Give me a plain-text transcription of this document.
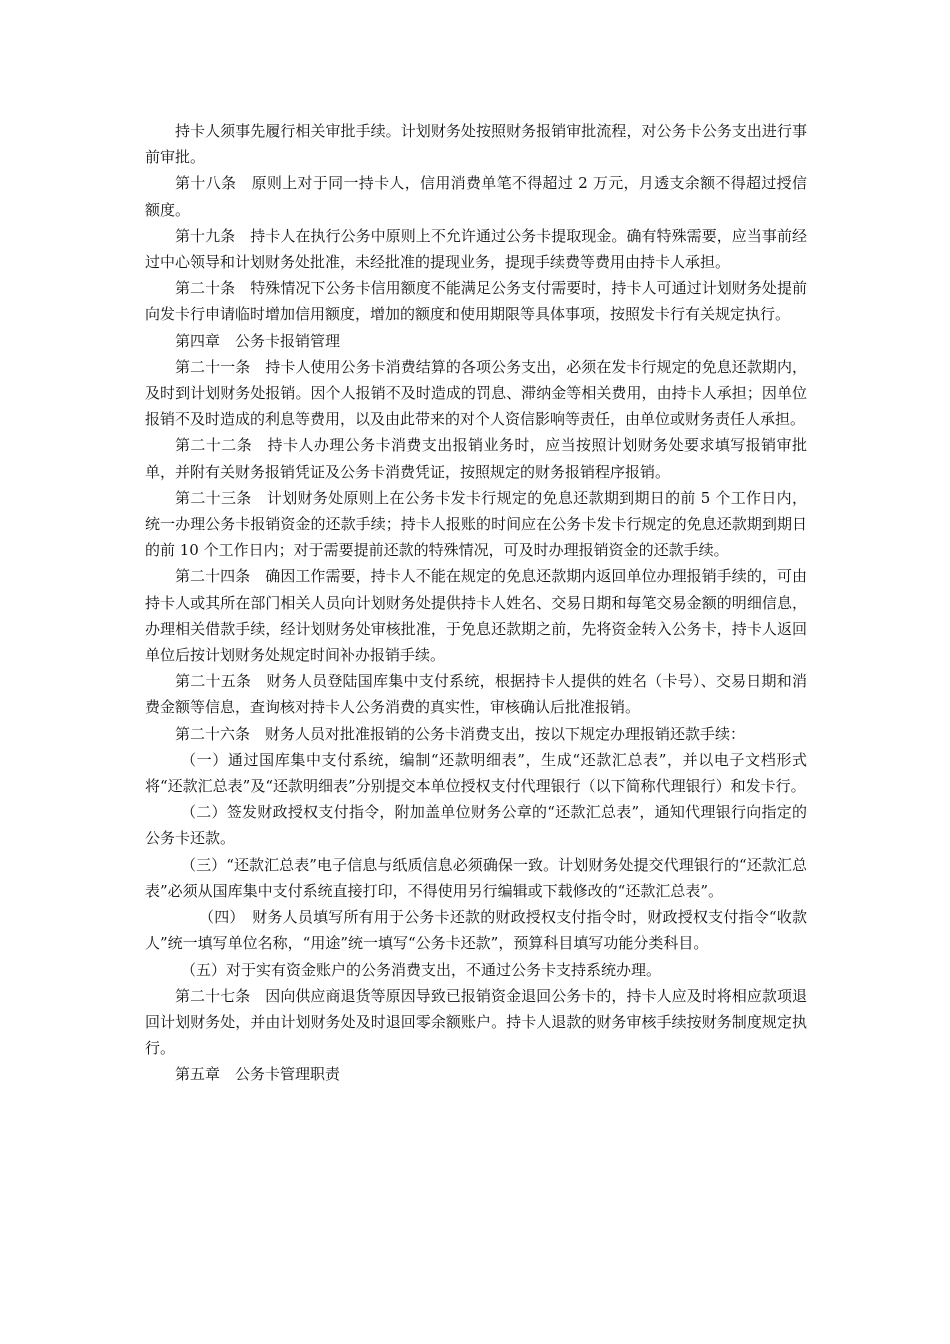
持卡人须事先履行相关审批手续。计划财务处按照财务报销审批流程，对公务卡公务支出进行事前审批。

第十八条　原则上对于同一持卡人，信用消费单笔不得超过 2 万元，月透支余额不得超过授信额度。

第十九条　持卡人在执行公务中原则上不允许通过公务卡提取现金。确有特殊需要，应当事前经过中心领导和计划财务处批准，未经批准的提现业务，提现手续费等费用由持卡人承担。

第二十条　特殊情况下公务卡信用额度不能满足公务支付需要时，持卡人可通过计划财务处提前向发卡行申请临时增加信用额度，增加的额度和使用期限等具体事项，按照发卡行有关规定执行。

第四章　公务卡报销管理

第二十一条　持卡人使用公务卡消费结算的各项公务支出，必须在发卡行规定的免息还款期内，及时到计划财务处报销。因个人报销不及时造成的罚息、滞纳金等相关费用，由持卡人承担；因单位报销不及时造成的利息等费用，以及由此带来的对个人资信影响等责任，由单位或财务责任人承担。

第二十二条　持卡人办理公务卡消费支出报销业务时，应当按照计划财务处要求填写报销审批单，并附有关财务报销凭证及公务卡消费凭证，按照规定的财务报销程序报销。

第二十三条　计划财务处原则上在公务卡发卡行规定的免息还款期到期日的前 5 个工作日内，统一办理公务卡报销资金的还款手续；持卡人报账的时间应在公务卡发卡行规定的免息还款期到期日的前 10 个工作日内；对于需要提前还款的特殊情况，可及时办理报销资金的还款手续。

第二十四条　确因工作需要，持卡人不能在规定的免息还款期内返回单位办理报销手续的，可由持卡人或其所在部门相关人员向计划财务处提供持卡人姓名、交易日期和每笔交易金额的明细信息，办理相关借款手续，经计划财务处审核批准，于免息还款期之前，先将资金转入公务卡，持卡人返回单位后按计划财务处规定时间补办报销手续。

第二十五条　财务人员登陆国库集中支付系统，根据持卡人提供的姓名（卡号）、交易日期和消费金额等信息，查询核对持卡人公务消费的真实性，审核确认后批准报销。

第二十六条　财务人员对批准报销的公务卡消费支出，按以下规定办理报销还款手续：

（一）通过国库集中支付系统，编制“还款明细表”，生成“还款汇总表”，并以电子文档形式将“还款汇总表”及“还款明细表”分别提交本单位授权支付代理银行（以下简称代理银行）和发卡行。

（二）签发财政授权支付指令，附加盖单位财务公章的“还款汇总表”，通知代理银行向指定的公务卡还款。

（三）“还款汇总表”电子信息与纸质信息必须确保一致。计划财务处提交代理银行的“还款汇总表”必须从国库集中支付系统直接打印，不得使用另行编辑或下载修改的“还款汇总表”。

（四）　财务人员填写所有用于公务卡还款的财政授权支付指令时，财政授权支付指令“收款人”统一填写单位名称，“用途”统一填写“公务卡还款”，预算科目填写功能分类科目。

（五）对于实有资金账户的公务消费支出，不通过公务卡支持系统办理。

第二十七条　因向供应商退货等原因导致已报销资金退回公务卡的，持卡人应及时将相应款项退回计划财务处，并由计划财务处及时退回零余额账户。持卡人退款的财务审核手续按财务制度规定执行。

第五章　公务卡管理职责
